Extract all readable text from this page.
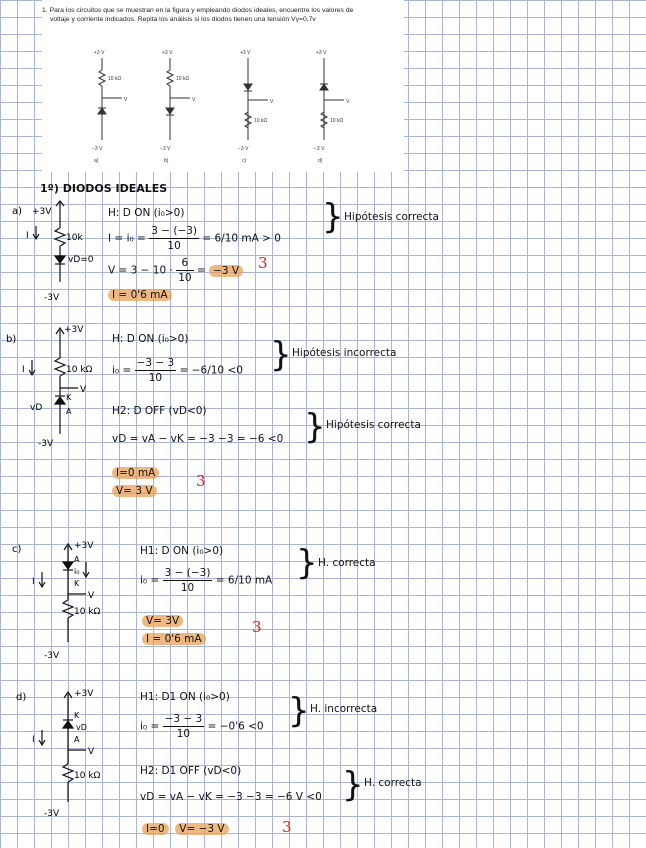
1. Para los circuitos que se muestran en la figura y empleando diodos ideales, encuentre los valores de
voltaje y corriente indicados. Repita los análisis si los diodos tienen una tensión Vγ=0,7v
+3 V
10 kΩ
V
−3 V
a)
+3 V
10 kΩ
V
−3 V
b)
+3 V
V
10 kΩ
−3 V
c)
+3 V
V
10 kΩ
−3 V
d)

1º) DIODOS IDEALES

a) +3V
10k
I
vD=0
-3V

H: D ON (i₀>0)

$I = i_0 = \frac{3 - (-3)}{10} = 6/10$ mA > 0
$V = 3 - 10 \cdot \frac{6}{10} = -3$ V

I = 0'6 mA

} Hipótesis correcta

3

b)
+3V
10 kΩ
I
V
K
A
vD
-3V

H: D ON (i₀>0)

$i_0 = \frac{-3 - 3}{10} = -6/10 <0$ } Hipótesis incorrecta

H2: D OFF (vD<0)

vD = vA − vK = −3 −3 = −6 <0 } Hipótesis correcta

I=0 mA

V= 3 V

3

c)	+3V
A
i₀
K
V
10 kΩ
I
-3V

H1: D ON (i₀>0)

$i_0 = \frac{3 - (-3)}{10} = 6/10$ mA } H. correcta

V= 3V

I = 0'6 mA

3

d)	+3V
K
vD
A
V
10 kΩ
I
-3V

H1: D1 ON (i₀>0)

$i_0 = \frac{-3 - 3}{10} = -0'6 <0$ } H. incorrecta

H2: D1 OFF (vD<0)

vD = vA − vK = −3 −3 = −6 V <0 } H. correcta

I=0 V= −3 V	3
